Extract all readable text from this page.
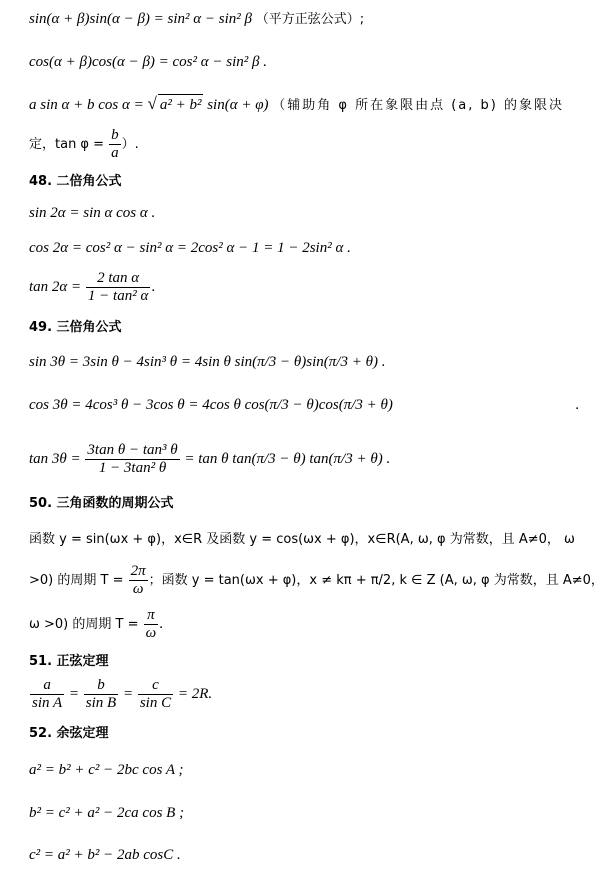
sin(α + β)sin(α − β) = sin² α − sin² β （平方正弦公式）;
cos(α + β)cos(α − β) = cos² α − sin² β .
a sin α + b cos α = √ a² + b² sin(α + φ) （辅助角 φ 所在象限由点 (a, b) 的象限决
定，$\tan \varphi = \frac{b}{a}$ ）.
48. 二倍角公式
sin 2α = sin α cos α .
cos 2α = cos² α − sin² α = 2cos² α − 1 = 1 − 2sin² α .
$\tan 2\alpha = \frac{\text{2 tan α}}{\text{1 − tan² α}}$ .
49. 三倍角公式
sin 3θ = 3sin θ − 4sin³ θ = 4sin θ sin(π/3 − θ)sin(π/3 + θ) .
cos 3θ = 4cos³ θ − 3cos θ = 4cos θ cos(π/3 − θ)cos(π/3 + θ)	.
$\tan 3\theta = \frac{\text{3tan θ − tan³ θ}}{\text{1 − 3tan² θ}} = \tan \theta$ tan(π/3 − θ) tan(π/3 + θ) .
50. 三角函数的周期公式
函数 y = sin(ωx + φ)，x∈R 及函数 y = cos(ωx + φ)，x∈R(A, ω, φ 为常数，且 A≠0， ω
>0) 的周期 $T = \frac{2\pi}{\omega}$ ；函数 y = tan(ωx + φ)，x ≠ kπ + π/2, k ∈ Z (A, ω, φ 为常数，且 A≠0，
ω >0) 的周期 $T = \frac{\pi}{\omega}$ .
51. 正弦定理
$\frac{a}{\text{sin A}} = \frac{b}{\text{sin B}} = \frac{c}{\text{sin C}} = 2R$.
52. 余弦定理
a² = b² + c² − 2bc cos A ;
b² = c² + a² − 2ca cos B ;
c² = a² + b² − 2ab cosC .
